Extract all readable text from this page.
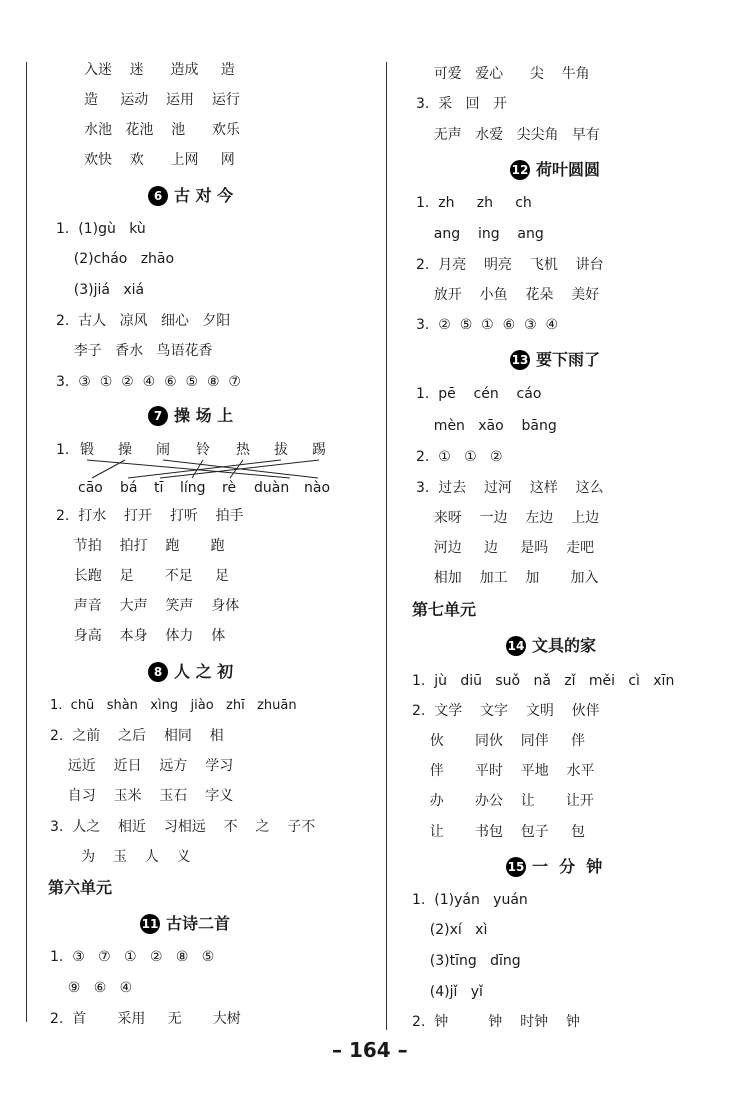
入迷    迷      造成     造
造     运动    运用    运行
水池   花池    池      欢乐
欢快    欢      上网     网
6 古 对 今
1.  (1)gù   kù
(2)cháo   zhāo
(3)jiá   xiá
2.  古人   凉风   细心   夕阳
李子   香水   鸟语花香
3.  ③  ①  ②  ④  ⑥  ⑤  ⑧  ⑦
7 操 场 上
1. 锻 操 闹 铃 热 拔 踢
cāo bá tī líng rè duàn nào
2.  打水    打开    打听    拍手
节拍    拍打    跑       跑
长跑    足       不足     足
声音    大声    笑声    身体
身高    本身    体力    体
8 人 之 初
1.  chū   shàn   xìng   jiào   zhī   zhuān
2.  之前    之后    相同    相
远近    近日    远方    学习
自习    玉米    玉石    字义
3.  人之    相近    习相远    不    之    子不
为    玉    人    义
第六单元
11 古诗二首
1.  ③   ⑦   ①   ②   ⑧   ⑤
⑨   ⑥   ④
2.  首       采用     无       大树
可爱   爱心      尖    牛角
3.  采   回   开
无声   水爱   尖尖角   早有
12 荷叶圆圆
1.  zh     zh     ch
ang    ing    ang
2.  月亮    明亮    飞机    讲台
放开    小鱼    花朵    美好
3.  ②  ⑤  ①  ⑥  ③  ④
13 要下雨了
1.  pē    cén    cáo
mèn   xāo    bāng
2.  ①   ①   ②
3.  过去    过河    这样    这么
来呀    一边    左边    上边
河边     边     是吗    走吧
相加    加工    加       加入
第七单元
14 文具的家
1.  jù   diū   suǒ   nǎ   zǐ   měi   cì   xīn
2.  文学    文字    文明    伙伴
伙       同伙    同伴     伴
伴       平时    平地    水平
办       办公    让       让开
让       书包    包子     包
15 一  分  钟
1.  (1)yán   yuán
(2)xí   xì
(3)tīng   dīng
(4)jǐ   yǐ
2.  钟         钟    时钟    钟
– 164 –
